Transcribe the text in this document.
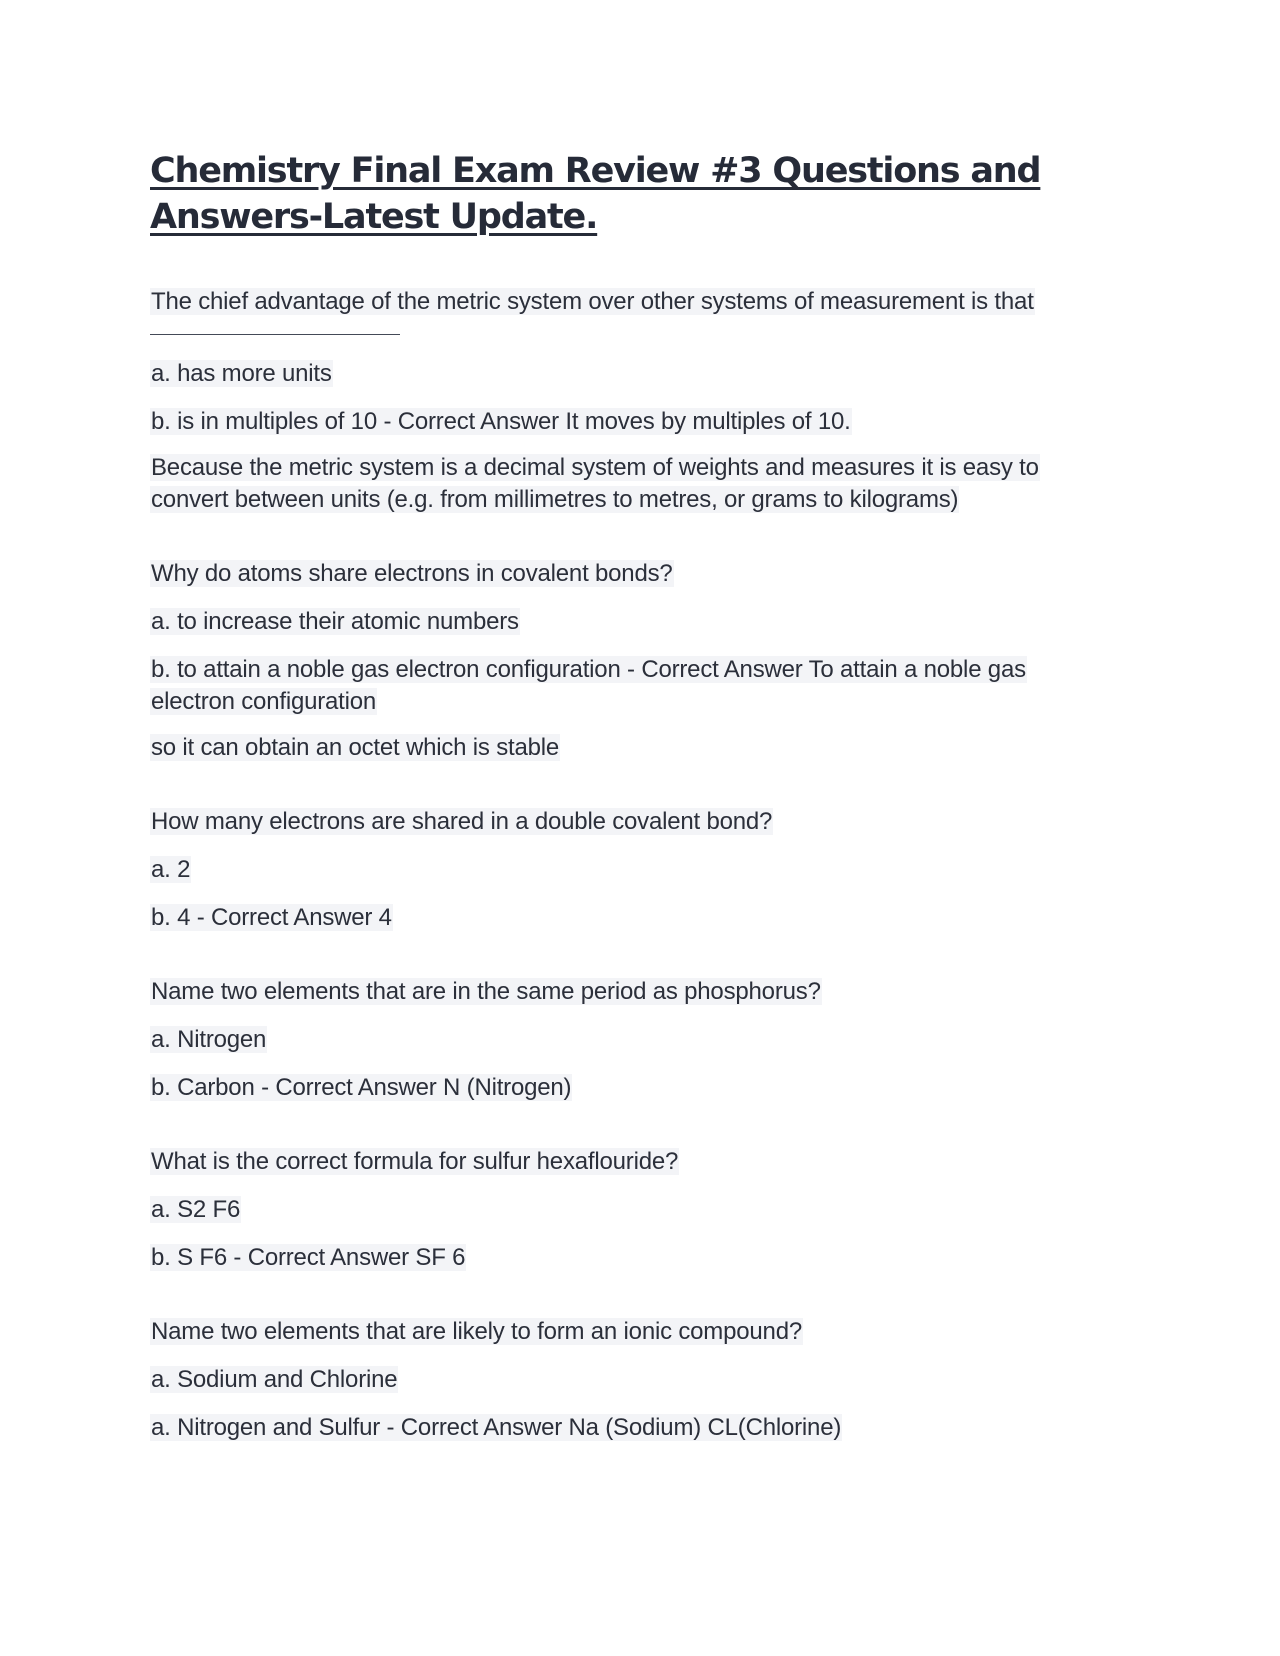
Chemistry Final Exam Review #3 Questions and
Answers-Latest Update.
The chief advantage of the metric system over other systems of measurement is that
a. has more units
b. is in multiples of 10 - Correct Answer It moves by multiples of 10.
Because the metric system is a decimal system of weights and measures it is easy to convert between units (e.g. from millimetres to metres, or grams to kilograms)
Why do atoms share electrons in covalent bonds?
a. to increase their atomic numbers
b. to attain a noble gas electron configuration - Correct Answer To attain a noble gas electron configuration
so it can obtain an octet which is stable
How many electrons are shared in a double covalent bond?
a. 2
b. 4 - Correct Answer 4
Name two elements that are in the same period as phosphorus?
a. Nitrogen
b. Carbon - Correct Answer N (Nitrogen)
What is the correct formula for sulfur hexaflouride?
a. S2 F6
b. S F6 - Correct Answer SF 6
Name two elements that are likely to form an ionic compound?
a. Sodium and Chlorine
a. Nitrogen and Sulfur - Correct Answer Na (Sodium) CL(Chlorine)
